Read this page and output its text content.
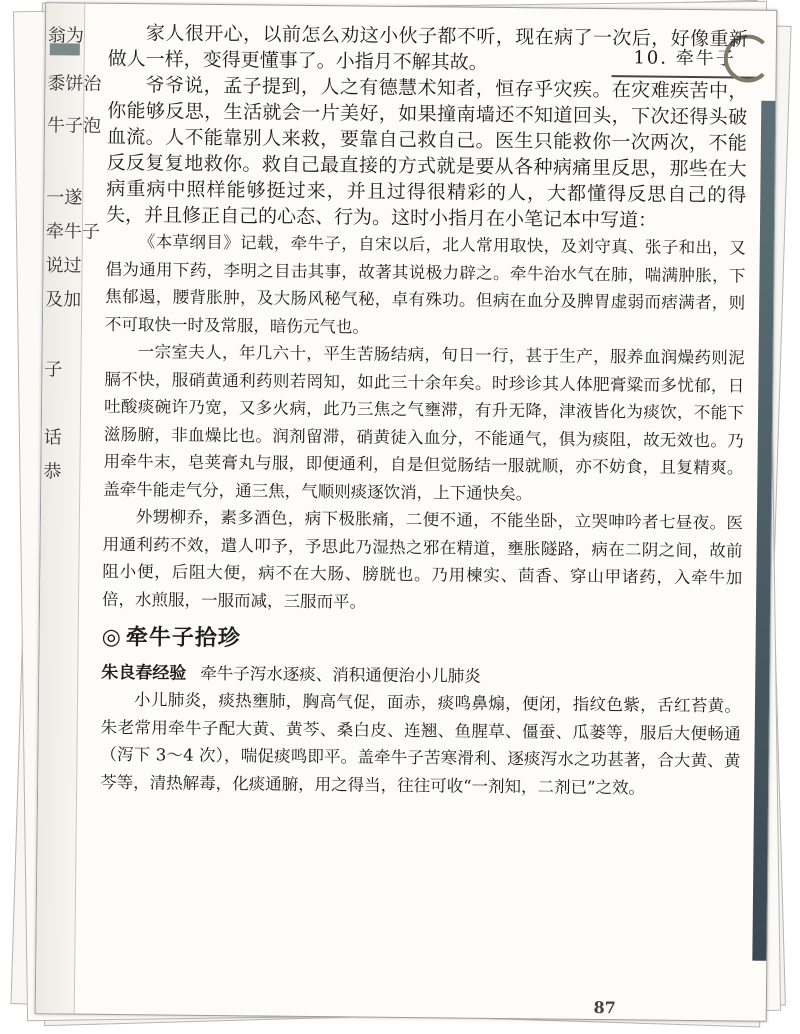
翁为
黍饼治
牛子泡
一遂
牵牛子
说过
及加
子
话
恭
10. 牵牛子

家人很开心，以前怎么劝这小伙子都不听，现在病了一次后，好像重新做人一样，变得更懂事了。小指月不解其故。

爷爷说，孟子提到，人之有德慧术知者，恒存乎灾疾。在灾难疾苦中，你能够反思，生活就会一片美好，如果撞南墙还不知道回头，下次还得头破血流。人不能靠别人来救，要靠自己救自己。医生只能救你一次两次，不能反反复复地救你。救自己最直接的方式就是要从各种病痛里反思，那些在大病重病中照样能够挺过来，并且过得很精彩的人，大都懂得反思自己的得失，并且修正自己的心态、行为。这时小指月在小笔记本中写道：

《本草纲目》记载，牵牛子，自宋以后，北人常用取快，及刘守真、张子和出，又倡为通用下药，李明之目击其事，故著其说极力辟之。牵牛治水气在肺，喘满肿胀，下焦郁遏，腰背胀肿，及大肠风秘气秘，卓有殊功。但病在血分及脾胃虚弱而痞满者，则不可取快一时及常服，暗伤元气也。

一宗室夫人，年几六十，平生苦肠结病，旬日一行，甚于生产，服养血润燥药则泥膈不快，服硝黄通利药则若罔知，如此三十余年矣。时珍诊其人体肥膏粱而多忧郁，日吐酸痰碗许乃宽，又多火病，此乃三焦之气壅滞，有升无降，津液皆化为痰饮，不能下滋肠腑，非血燥比也。润剂留滞，硝黄徒入血分，不能通气，俱为痰阻，故无效也。乃用牵牛末，皂荚膏丸与服，即便通利，自是但觉肠结一服就顺，亦不妨食，且复精爽。盖牵牛能走气分，通三焦，气顺则痰逐饮消，上下通快矣。

外甥柳乔，素多酒色，病下极胀痛，二便不通，不能坐卧，立哭呻吟者七昼夜。医用通利药不效，遣人叩予，予思此乃湿热之邪在精道，壅胀隧路，病在二阴之间，故前阻小便，后阻大便，病不在大肠、膀胱也。乃用楝实、茴香、穿山甲诸药，入牵牛加倍，水煎服，一服而减，三服而平。

◎ 牵牛子拾珍

朱良春经验 牵牛子泻水逐痰、消积通便治小儿肺炎

小儿肺炎，痰热壅肺，胸高气促，面赤，痰鸣鼻煽，便闭，指纹色紫，舌红苔黄。朱老常用牵牛子配大黄、黄芩、桑白皮、连翘、鱼腥草、僵蚕、瓜蒌等，服后大便畅通（泻下 3～4 次），喘促痰鸣即平。盖牵牛子苦寒滑利、逐痰泻水之功甚著，合大黄、黄芩等，清热解毒，化痰通腑，用之得当，往往可收“一剂知，二剂已”之效。

87
